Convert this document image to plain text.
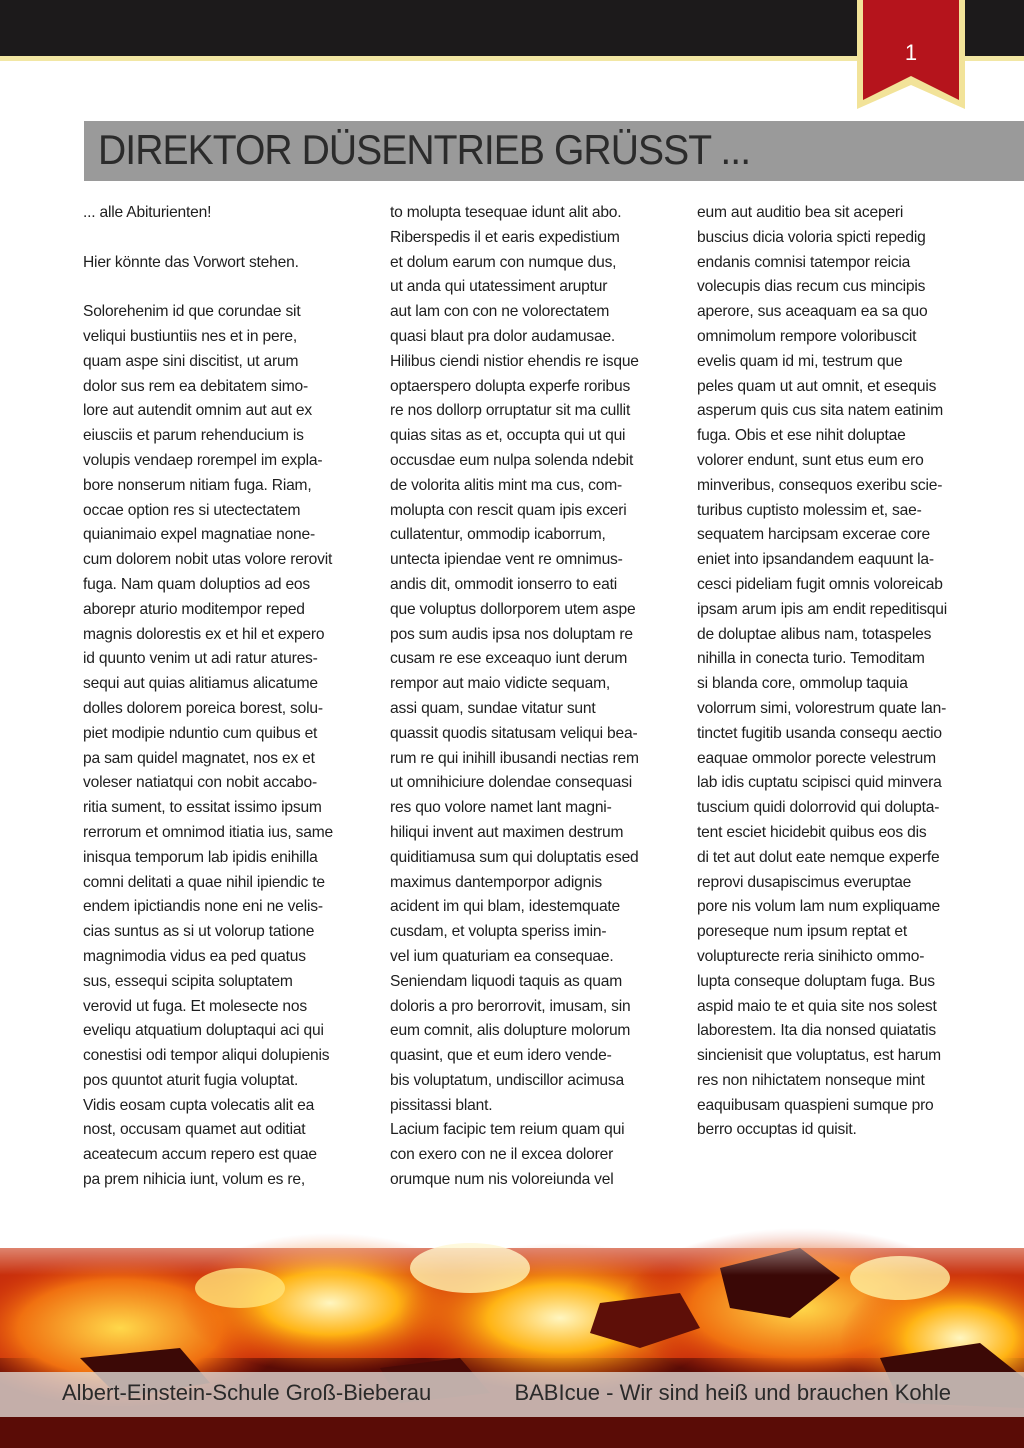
1
DIREKTOR DÜSENTRIEB GRÜSST ...
... alle Abiturienten!

Hier könnte das Vorwort stehen.

Solorehenim id que corundae sit
veliqui bustiuntiis nes et in pere,
quam aspe sini discitist, ut arum
dolor sus rem ea debitatem simo-
lore aut autendit omnim aut aut ex
eiusciis et parum rehenducium is
volupis vendaep rorempel im expla-
bore nonserum nitiam fuga. Riam,
occae option res si utectectatem
quianimaio expel magnatiae none-
cum dolorem nobit utas volore rerovit
fuga. Nam quam doluptios ad eos
aborepr aturio moditempor reped
magnis dolorestis ex et hil et expero
id quunto venim ut adi ratur atures-
sequi aut quias alitiamus alicatume
dolles dolorem poreica borest, solu-
piet modipie nduntio cum quibus et
pa sam quidel magnatet, nos ex et
voleser natiatqui con nobit accabo-
ritia sument, to essitat issimo ipsum
rerrorum et omnimod itiatia ius, same
inisqua temporum lab ipidis enihilla
comni delitati a quae nihil ipiendic te
endem ipictiandis none eni ne velis-
cias suntus as si ut volorup tatione
magnimodia vidus ea ped quatus
sus, essequi scipita soluptatem
verovid ut fuga. Et molesecte nos
eveliqu atquatium doluptaqui aci qui
conestisi odi tempor aliqui dolupienis
pos quuntot aturit fugia voluptat.
Vidis eosam cupta volecatis alit ea
nost, occusam quamet aut oditiat
aceatecum accum repero est quae
pa prem nihicia iunt, volum es re,
to molupta tesequae idunt alit abo.
Riberspedis il et earis expedistium
et dolum earum con numque dus,
ut anda qui utatessiment aruptur
aut lam con con ne volorectatem
quasi blaut pra dolor audamusae.
Hilibus ciendi nistior ehendis re isque
optaerspero dolupta experfe roribus
re nos dollorp orruptatur sit ma cullit
quias sitas as et, occupta qui ut qui
occusdae eum nulpa solenda ndebit
de volorita alitis mint ma cus, com-
molupta con rescit quam ipis exceri
cullatentur, ommodip icaborrum,
untecta ipiendae vent re omnimus-
andis dit, ommodit ionserro to eati
que voluptus dollorporem utem aspe
pos sum audis ipsa nos doluptam re
cusam re ese exceaquo iunt derum
rempor aut maio vidicte sequam,
assi quam, sundae vitatur sunt
quassit quodis sitatusam veliqui bea-
rum re qui inihill ibusandi nectias rem
ut omnihiciure dolendae consequasi
res quo volore namet lant magni-
hiliqui invent aut maximen destrum
quiditiamusa sum qui doluptatis esed
maximus dantemporpor adignis
acident im qui blam, idestemquate
cusdam, et volupta speriss imin-
vel ium quaturiam ea consequae.
Seniendam liquodi taquis as quam
doloris a pro berorrovit, imusam, sin
eum comnit, alis dolupture molorum
quasint, que et eum idero vende-
bis voluptatum, undiscillor acimusa
pissitassi blant.
Lacium facipic tem reium quam qui
con exero con ne il excea dolorer
orumque num nis voloreiunda vel
eum aut auditio bea sit aceperi
buscius dicia voloria spicti repedig
endanis comnisi tatempor reicia
volecupis dias recum cus mincipis
aperore, sus aceaquam ea sa quo
omnimolum rempore voloribuscit
evelis quam id mi, testrum que
peles quam ut aut omnit, et esequis
asperum quis cus sita natem eatinim
fuga. Obis et ese nihit doluptae
volorer endunt, sunt etus eum ero
minveribus, consequos exeribu scie-
turibus cuptisto molessim et, sae-
sequatem harcipsam excerae core
eniet into ipsandandem eaquunt la-
cesci pideliam fugit omnis voloreicab
ipsam arum ipis am endit repeditisqui
de doluptae alibus nam, totaspeles
nihilla in conecta turio. Temoditam
si blanda core, ommolup taquia
volorrum simi, volorestrum quate lan-
tinctet fugitib usanda consequ aectio
eaquae ommolor porecte velestrum
lab idis cuptatu scipisci quid minvera
tuscium quidi dolorrovid qui dolupta-
tent esciet hicidebit quibus eos dis
di tet aut dolut eate nemque experfe
reprovi dusapiscimus everuptae
pore nis volum lam num expliquame
poreseque num ipsum reptat et
volupturecte reria sinihicto ommo-
lupta conseque doluptam fuga. Bus
aspid maio te et quia site nos solest
laborestem. Ita dia nonsed quiatatis
sincienisit que voluptatus, est harum
res non nihictatem nonseque mint
eaquibusam quaspieni sumque pro
berro occuptas id quisit.
Albert-Einstein-Schule Groß-Bieberau	BABIcue - Wir sind heiß und brauchen Kohle
